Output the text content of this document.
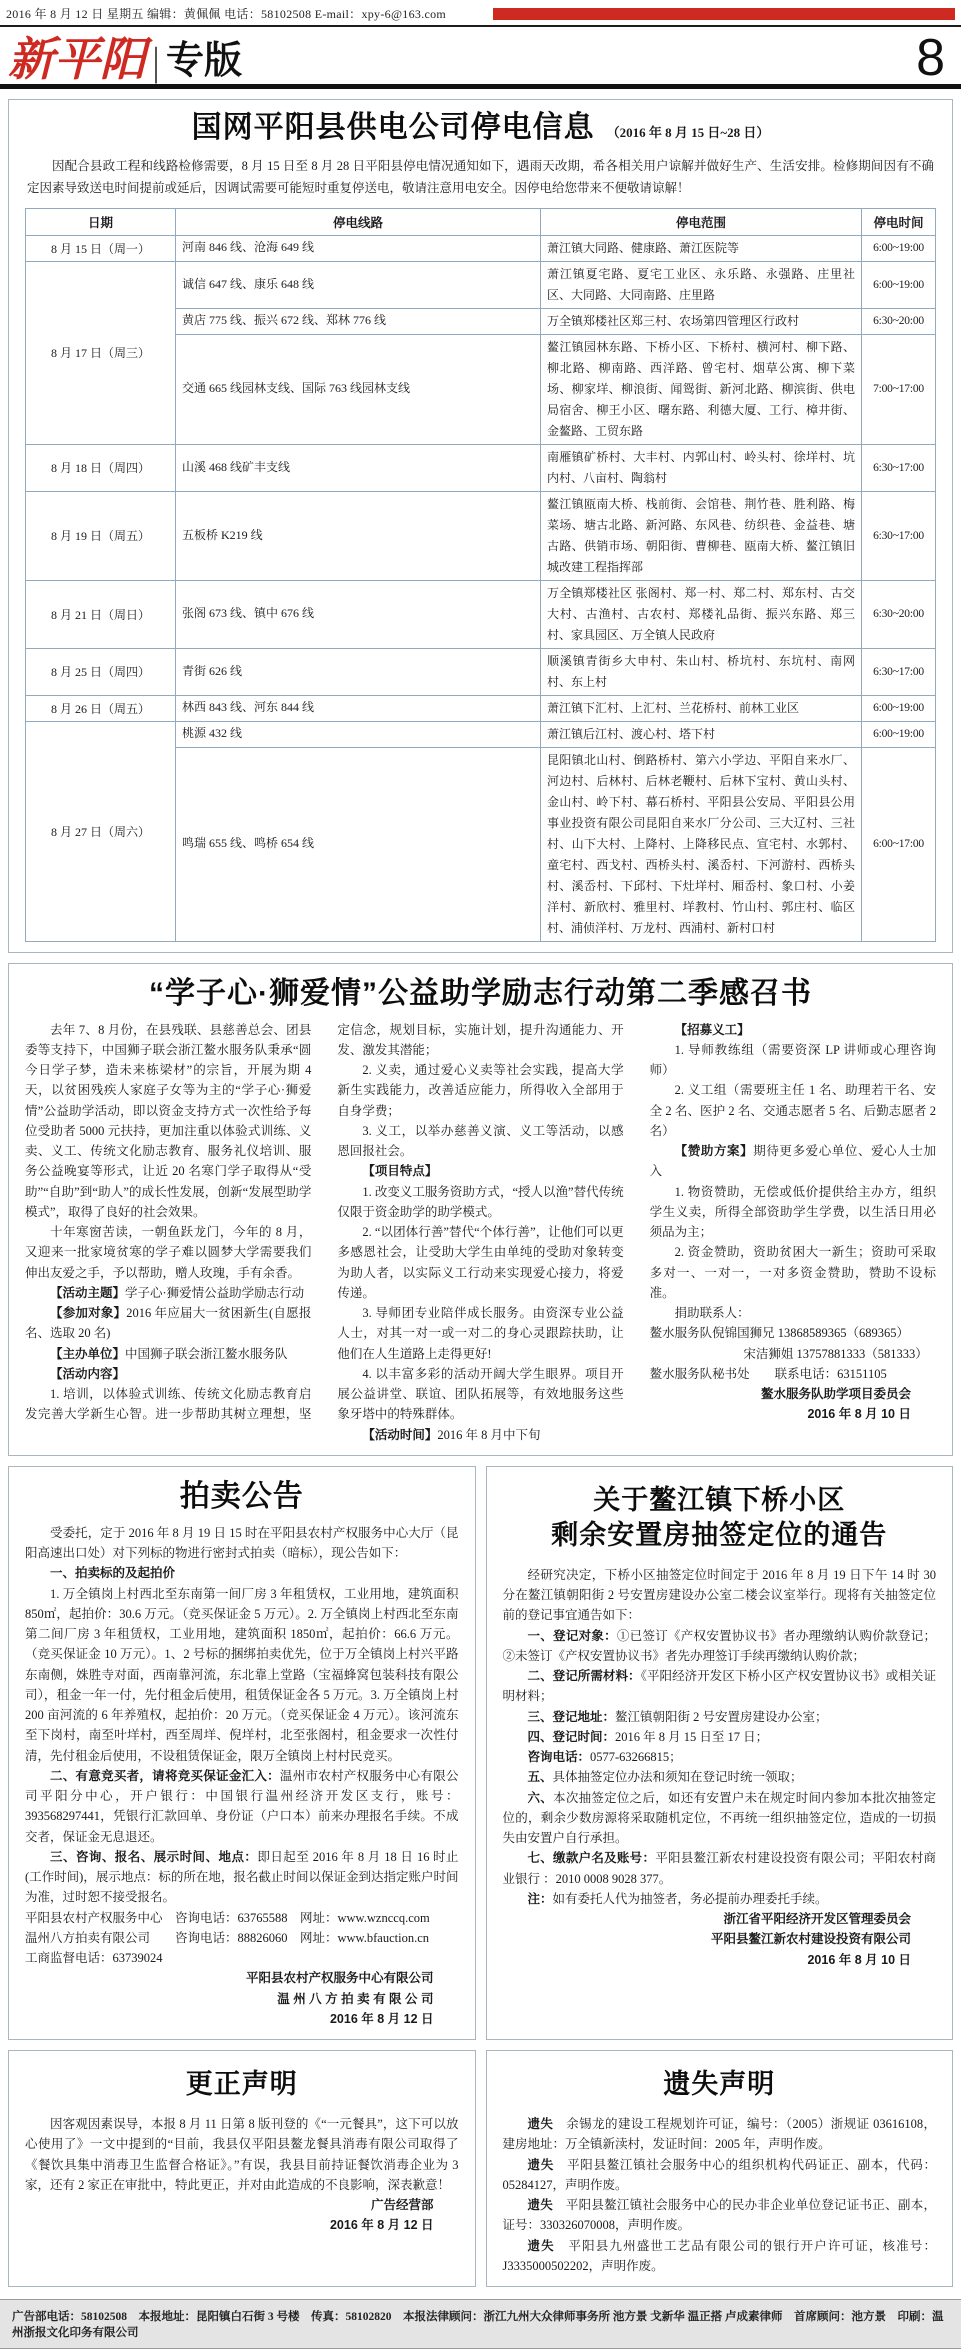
2016 年 8 月 12 日 星期五 编辑：黄佩佩 电话：58102508 E-mail：xpy-6@163.com
新平阳 | 专版	8
国网平阳县供电公司停电信息 （2016 年 8 月 15 日~28 日）

因配合县政工程和线路检修需要，8 月 15 日至 8 月 28 日平阳县停电情况通知如下，遇雨天改期，希各相关用户谅解并做好生产、生活安排。检修期间因有不确定因素导致送电时间提前或延后，因调试需要可能短时重复停送电，敬请注意用电安全。因停电给您带来不便敬请谅解！

日期	停电线路	停电范围	停电时间
8 月 15 日（周一）	河南 846 线、沧海 649 线	萧江镇大同路、健康路、萧江医院等	6:00~19:00
8 月 17 日（周三）	诚信 647 线、康乐 648 线	萧江镇夏宅路、夏宅工业区、永乐路、永强路、庄里社区、大同路、大同南路、庄里路	6:00~19:00
	黄店 775 线、振兴 672 线、郑林 776 线	万全镇郑楼社区郑三村、农场第四管理区行政村	6:30~20:00
	交通 665 线园林支线、国际 763 线园林支线	鳌江镇园林东路、下桥小区、下桥村、横河村、柳下路、柳北路、柳南路、西洋路、曾宅村、烟草公寓、柳下菜场、柳家垟、柳浪街、闻鸳街、新河北路、柳滨街、供电局宿舍、柳王小区、曙东路、利德大厦、工行、樟井街、金鳌路、工贸东路	7:00~17:00
8 月 18 日（周四）	山溪 468 线矿丰支线	南雁镇矿桥村、大丰村、内郭山村、岭头村、徐垟村、坑内村、八亩村、陶翁村	6:30~17:00
8 月 19 日（周五）	五板桥 K219 线	鳌江镇瓯南大桥、栈前街、会馆巷、荆竹巷、胜利路、梅菜场、塘古北路、新河路、东风巷、纺织巷、金益巷、塘古路、供销市场、朝阳街、曹柳巷、瓯南大桥、鳌江镇旧城改建工程指挥部	6:30~17:00
8 月 21 日（周日）	张阁 673 线、镇中 676 线	万全镇郑楼社区 张阁村、郑一村、郑二村、郑东村、古交大村、古渔村、古农村、郑楼礼品街、振兴东路、郑三村、家具园区、万全镇人民政府	6:30~20:00
8 月 25 日（周四）	青街 626 线	顺溪镇青街乡大申村、朱山村、桥坑村、东坑村、南网村、东上村	6:30~17:00
8 月 26 日（周五）	林西 843 线、河东 844 线	萧江镇下汇村、上汇村、兰花桥村、前林工业区	6:00~19:00
8 月 27 日（周六）	桃源 432 线	萧江镇后江村、渡心村、塔下村	6:00~19:00
	鸣瑞 655 线、鸣桥 654 线	昆阳镇北山村、倒路桥村、第六小学边、平阳自来水厂、河边村、后林村、后林老鞭村、后林下宝村、黄山头村、金山村、岭下村、幕石桥村、平阳县公安局、平阳县公用事业投资有限公司昆阳自来水厂分公司、三大辽村、三社村、山下大村、上降村、上降移民点、宣宅村、水郭村、童宅村、西戈村、西桥头村、溪岙村、下河游村、西桥头村、溪岙村、下邱村、下灶垟村、厢岙村、象口村、小姜洋村、新欣村、雅里村、垟教村、竹山村、郭庄村、临区村、浦侦洋村、万龙村、西浦村、新村口村	6:00~17:00
“学子心·狮爱情”公益助学励志行动第二季感召书

去年 7、8 月份，在县残联、县慈善总会、团县委等支持下，中国狮子联会浙江鳌水服务队秉承“圆今日学子梦，造未来栋梁材”的宗旨，开展为期 4 天，以贫困残疾人家庭子女等为主的“学子心·狮爱情”公益助学活动，即以资金支持方式一次性给予每位受助者 5000 元扶持，更加注重以体验式训练、义卖、义工、传统文化励志教育、服务礼仪培训、服务公益晚宴等形式，让近 20 名寒门学子取得从“受助”“自助”到“助人”的成长性发展，创新“发展型助学模式”，取得了良好的社会效果。

十年寒窗苦读，一朝鱼跃龙门，今年的 8 月，又迎来一批家境贫寒的学子难以圆梦大学需要我们伸出友爱之手，予以帮助，赠人玫瑰，手有余香。

【活动主题】学子心·狮爱情公益助学励志行动

【参加对象】2016 年应届大一贫困新生(自愿报名、选取 20 名)

【主办单位】中国狮子联会浙江鳌水服务队

【活动内容】

1. 培训，以体验式训练、传统文化励志教育启发完善大学新生心智。进一步帮助其树立理想，坚定信念，规划目标，实施计划，提升沟通能力、开发、激发其潜能；

2. 义卖，通过爱心义卖等社会实践，提高大学新生实践能力，改善适应能力，所得收入全部用于自身学费；

3. 义工，以举办慈善义演、义工等活动，以感恩回报社会。

【项目特点】

1. 改变义工服务资助方式，“授人以渔”替代传统仅限于资金助学的助学模式。

2. “以团体行善”替代“个体行善”，让他们可以更多感恩社会，让受助大学生由单纯的受助对象转变为助人者，以实际义工行动来实现爱心接力，将爱传递。

3. 导师团专业陪伴成长服务。由资深专业公益人士，对其一对一或一对二的身心灵跟踪扶助，让他们在人生道路上走得更好!

4. 以丰富多彩的活动开阔大学生眼界。项目开展公益讲堂、联谊、团队拓展等，有效地服务这些象牙塔中的特殊群体。

【活动时间】2016 年 8 月中下旬

【招募义工】

1. 导师教练组（需要资深 LP 讲师或心理咨询师）

2. 义工组（需要班主任 1 名、助理若干名、安全 2 名、医护 2 名、交通志愿者 5 名、后勤志愿者 2 名）

【赞助方案】期待更多爱心单位、爱心人士加入

1. 物资赞助，无偿或低价提供给主办方，组织学生义卖，所得全部资助学生学费，以生活日用必须品为主；

2. 资金赞助，资助贫困大一新生；资助可采取多对一、一对一，一对多资金赞助，赞助不设标准。

捐助联系人：

鳌水服务队倪锦国狮兄 13868589365（689365）

宋洁狮姐 13757881333（581333）

鳌水服务队秘书处　　联系电话：63151105

鳌水服务队助学项目委员会

2016 年 8 月 10 日

拍卖公告

受委托，定于 2016 年 8 月 19 日 15 时在平阳县农村产权服务中心大厅（昆阳高速出口处）对下列标的物进行密封式拍卖（暗标），现公告如下：

一、拍卖标的及起拍价

1. 万全镇岗上村西北至东南第一间厂房 3 年租赁权，工业用地，建筑面积 850㎡，起拍价：30.6 万元。（竞买保证金 5 万元）。2. 万全镇岗上村西北至东南第二间厂房 3 年租赁权，工业用地，建筑面积 1850㎡，起拍价：66.6 万元。（竞买保证金 10 万元）。1、2 号标的捆绑拍卖优先，位于万全镇岗上村兴平路东南侧，姝胜寺对面，西南靠河流，东北靠上堂路（宝福蜂窝包装科技有限公司），租金一年一付，先付租金后使用，租赁保证金各 5 万元。3. 万全镇岗上村 200 亩河流的 6 年养殖权，起拍价：20 万元。（竞买保证金 4 万元）。该河流东至下岗村，南至叶垟村，西至周垟、倪垟村，北至张阁村，租金要求一次性付清，先付租金后使用，不设租赁保证金，限万全镇岗上村村民竞买。

二、有意竞买者，请将竞买保证金汇入：温州市农村产权服务中心有限公司平阳分中心，开户银行：中国银行温州经济开发区支行，账号：393568297441，凭银行汇款回单、身份证（户口本）前来办理报名手续。不成交者，保证金无息退还。

三、咨询、报名、展示时间、地点：即日起至 2016 年 8 月 18 日 16 时止(工作时间)，展示地点：标的所在地，报名截止时间以保证金到达指定账户时间为准，过时恕不接受报名。

平阳县农村产权服务中心　咨询电话：63765588　网址：www.wznccq.com

温州八方拍卖有限公司　　咨询电话：88826060　网址：www.bfauction.cn

工商监督电话：63739024

平阳县农村产权服务中心有限公司

温 州 八 方 拍 卖 有 限 公 司

2016 年 8 月 12 日

关于鳌江镇下桥小区
剩余安置房抽签定位的通告

经研究决定，下桥小区抽签定位时间定于 2016 年 8 月 19 日下午 14 时 30 分在鳌江镇朝阳街 2 号安置房建设办公室二楼会议室举行。现将有关抽签定位前的登记事宜通告如下：

一、登记对象：①已签订《产权安置协议书》者办理缴纳认购价款登记；②未签订《产权安置协议书》者先办理签订手续再缴纳认购价款；

二、登记所需材料：《平阳经济开发区下桥小区产权安置协议书》或相关证明材料；

三、登记地址：鳌江镇朝阳街 2 号安置房建设办公室；

四、登记时间：2016 年 8 月 15 日至 17 日；

咨询电话：0577-63266815；

五、具体抽签定位办法和须知在登记时统一领取；

六、本次抽签定位之后，如还有安置户未在规定时间内参加本批次抽签定位的，剩余少数房源将采取随机定位，不再统一组织抽签定位，造成的一切损失由安置户自行承担。

七、缴款户名及账号：平阳县鳌江新农村建设投资有限公司；平阳农村商业银行 ：2010 0008 9028 377。

注：如有委托人代为抽签者，务必提前办理委托手续。

浙江省平阳经济开发区管理委员会

平阳县鳌江新农村建设投资有限公司

2016 年 8 月 10 日

更正声明

因客观因素误导，本报 8 月 11 日第 8 版刊登的《“一元餐具”，这下可以放心使用了》一文中提到的“目前，我县仅平阳县鳌龙餐具消毒有限公司取得了《餐饮具集中消毒卫生监督合格证》。”有误，我县目前持证餐饮消毒企业为 3 家，还有 2 家正在审批中，特此更正，并对由此造成的不良影响，深表歉意！

广告经营部

2016 年 8 月 12 日

遗失声明

遗失　余锡龙的建设工程规划许可证，编号：（2005）浙规证 03616108，建房地址：万全镇新渎村，发证时间：2005 年，声明作废。

遗失　平阳县鳌江镇社会服务中心的组织机构代码证正、副本，代码：05284127，声明作废。

遗失　平阳县鳌江镇社会服务中心的民办非企业单位登记证书正、副本，证号：330326070008，声明作废。

遗失　平阳县九州盛世工艺品有限公司的银行开户许可证，核准号：J3335000502202，声明作废。

广告部电话：58102508　本报地址：昆阳镇白石街 3 号楼　传真：58102820　本报法律顾问：浙江九州大众律师事务所 池方景 戈新华 温正搭 卢成素律师　首席顾问：池方景　印刷：温州浙报文化印务有限公司
